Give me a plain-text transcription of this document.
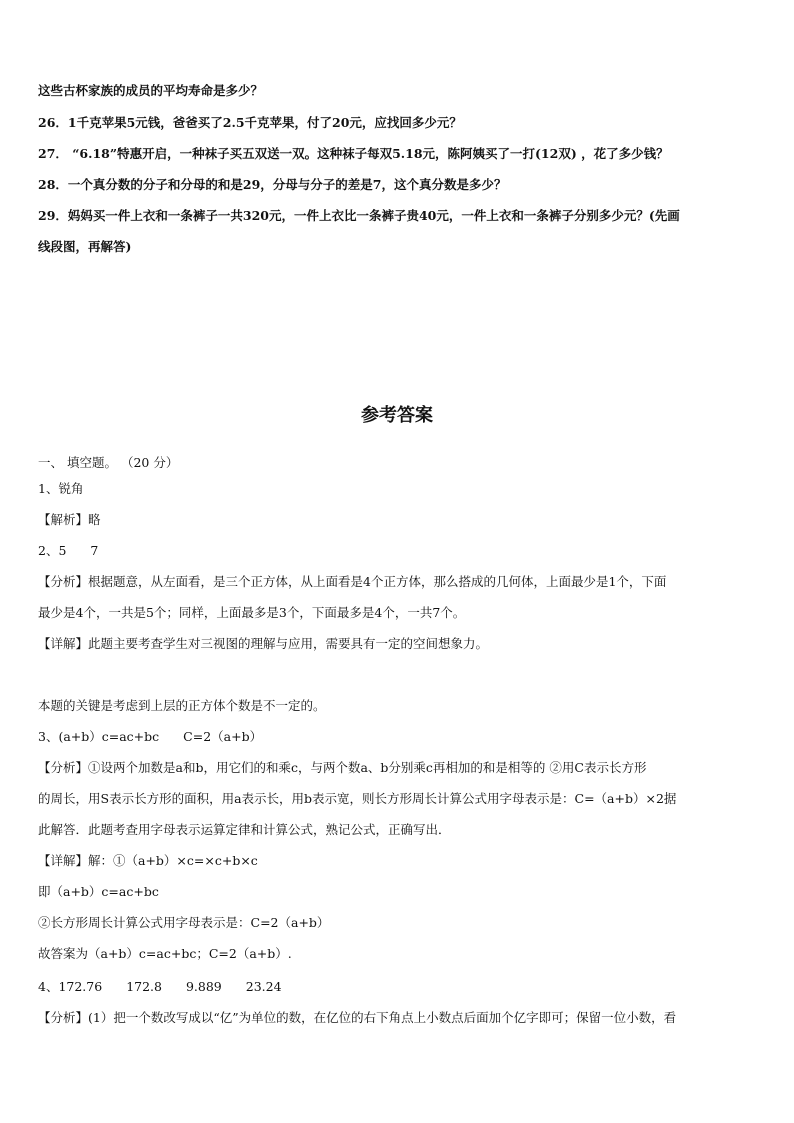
这些古杯家族的成员的平均寿命是多少？
26．1千克苹果5元钱，爸爸买了2.5千克苹果，付了20元，应找回多少元？
27． “6.18”特惠开启，一种袜子买五双送一双。这种袜子每双5.18元，陈阿姨买了一打(12双) ，花了多少钱？
28．一个真分数的分子和分母的和是29，分母与分子的差是7，这个真分数是多少？
29．妈妈买一件上衣和一条裤子一共320元，一件上衣比一条裤子贵40元，一件上衣和一条裤子分别多少元？(先画
线段图，再解答)
参考答案
一、 填空题。 （20 分）
1、锐角
【解析】略
2、5 7
【分析】根据题意，从左面看，是三个正方体，从上面看是4个正方体，那么搭成的几何体，上面最少是1个，下面
最少是4个，一共是5个；同样，上面最多是3个，下面最多是4个，一共7个。
【详解】此题主要考查学生对三视图的理解与应用，需要具有一定的空间想象力。
本题的关键是考虑到上层的正方体个数是不一定的。
3、(a+b）c=ac+bc C=2（a+b）
【分析】①设两个加数是a和b，用它们的和乘c，与两个数a、b分别乘c再相加的和是相等的 ②用C表示长方形
的周长，用S表示长方形的面积，用a表示长，用b表示宽，则长方形周长计算公式用字母表示是：C=（a+b）×2据
此解答．此题考查用字母表示运算定律和计算公式，熟记公式，正确写出．
【详解】解：①（a+b）×c=×c+b×c
即（a+b）c=ac+bc
②长方形周长计算公式用字母表示是：C=2（a+b）
故答案为（a+b）c=ac+bc；C=2（a+b）.
4、172.76 172.8 9.889 23.24
【分析】(1）把一个数改写成以“亿”为单位的数，在亿位的右下角点上小数点后面加个亿字即可；保留一位小数，看
